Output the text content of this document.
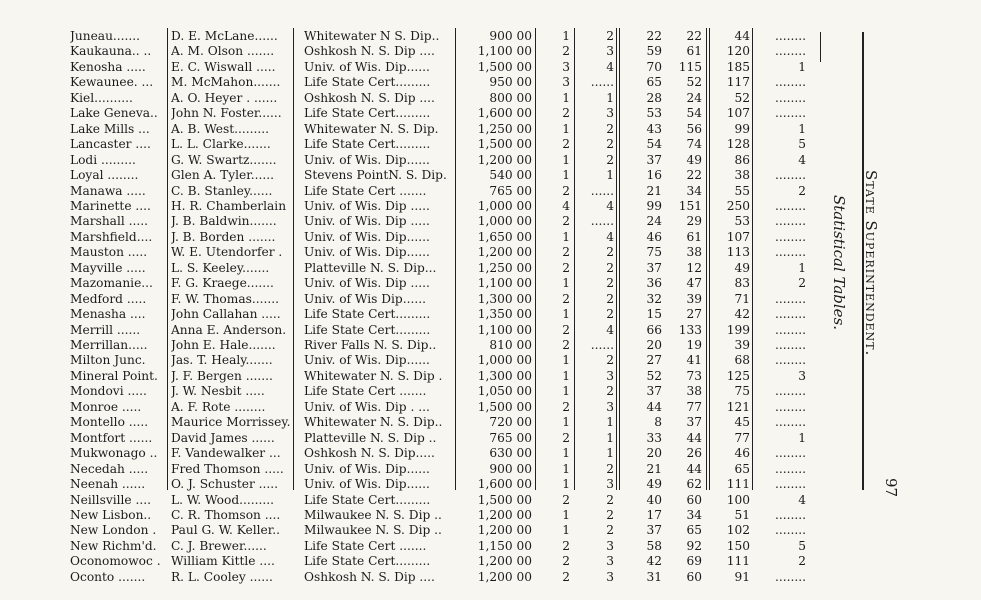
Juneau.......	D. E. McLane......	Whitewater N S. Dip..	900 00	1	2	22	22	44	........
Kaukauna.. ..	A. M. Olson .......	Oshkosh N. S. Dip ....	1,100 00	2	3	59	61	120	........
Kenosha .....	E. C. Wiswall .....	Univ. of Wis. Dip......	1,500 00	3	4	70	115	185	1
Kewaunee. ...	M. McMahon.......	Life State Cert.........	950 00	3	......	65	52	117	........
Kiel..........	A. O. Heyer . ......	Oshkosh N. S. Dip ....	800 00	1	1	28	24	52	........
Lake Geneva..	John N. Foster......	Life State Cert.........	1,600 00	2	3	53	54	107	........
Lake Mills ...	A. B. West.........	Whitewater N. S. Dip.	1,250 00	1	2	43	56	99	1
Lancaster ....	L. L. Clarke.......	Life State Cert.........	1,500 00	2	2	54	74	128	5
Lodi .........	G. W. Swartz.......	Univ. of Wis. Dip......	1,200 00	1	2	37	49	86	4
Loyal ........	Glen A. Tyler......	Stevens PointN. S. Dip.	540 00	1	1	16	22	38	........
Manawa .....	C. B. Stanley......	Life State Cert .......	765 00	2	......	21	34	55	2
Marinette ....	H. R. Chamberlain	Univ. of Wis. Dip .....	1,000 00	4	4	99	151	250	........
Marshall .....	J. B. Baldwin.......	Univ. of Wis. Dip .....	1,000 00	2	......	24	29	53	........
Marshfield....	J. B. Borden .......	Univ. of Wis. Dip......	1,650 00	1	4	46	61	107	........
Mauston .....	W. E. Utendorfer .	Univ. of Wis. Dip......	1,200 00	2	2	75	38	113	........
Mayville .....	L. S. Keeley.......	Platteville N. S. Dip...	1,250 00	2	2	37	12	49	1
Mazomanie...	F. G. Kraege.......	Univ. of Wis. Dip .....	1,100 00	1	2	36	47	83	2
Medford .....	F. W. Thomas.......	Univ. of Wis Dip......	1,300 00	2	2	32	39	71	........
Menasha ....	John Callahan .....	Life State Cert.........	1,350 00	1	2	15	27	42	........
Merrill ......	Anna E. Anderson.	Life State Cert.........	1,100 00	2	4	66	133	199	........
Merrillan.....	John E. Hale.......	River Falls N. S. Dip..	810 00	2	......	20	19	39	........
Milton Junc.	Jas. T. Healy.......	Univ. of Wis. Dip......	1,000 00	1	2	27	41	68	........
Mineral Point.	J. F. Bergen .......	Whitewater N. S. Dip .	1,300 00	1	3	52	73	125	3
Mondovi .....	J. W. Nesbit .....	Life State Cert .......	1,050 00	1	2	37	38	75	........
Monroe .....	A. F. Rote ........	Univ. of Wis. Dip . ...	1,500 00	2	3	44	77	121	........
Montello .....	Maurice Morrissey. Whitewater N. S. Dip..	720 00	1	1	8	37	45	........
Montfort ......	David James ......	Platteville N. S. Dip ..	765 00	2	1	33	44	77	1
Mukwonago ..	F. Vandewalker ...	Oshkosh N. S. Dip.....	630 00	1	1	20	26	46	........
Necedah .....	Fred Thomson .....	Univ. of Wis. Dip......	900 00	1	2	21	44	65	........
Neenah ......	O. J. Schuster .....	Univ. of Wis. Dip......	1,600 00	1	3	49	62	111	........
Neillsville ....	L. W. Wood.........	Life State Cert.........	1,500 00	2	2	40	60	100	4
New Lisbon..	C. R. Thomson ....	Milwaukee N. S. Dip ..	1,200 00	1	2	17	34	51	........
New London .	Paul G. W. Keller..	Milwaukee N. S. Dip ..	1,200 00	1	2	37	65	102	........
New Richm'd.	C. J. Brewer......	Life State Cert .......	1,150 00	2	3	58	92	150	5
Oconomowoc . William Kittle ....	Life State Cert.........	1,200 00	2	3	42	69	111	2
Oconto .......	R. L. Cooley ......	Oshkosh N. S. Dip ....	1,200 00	2	3	31	60	91	........
Statistical Tables. State Superintendent.
97
